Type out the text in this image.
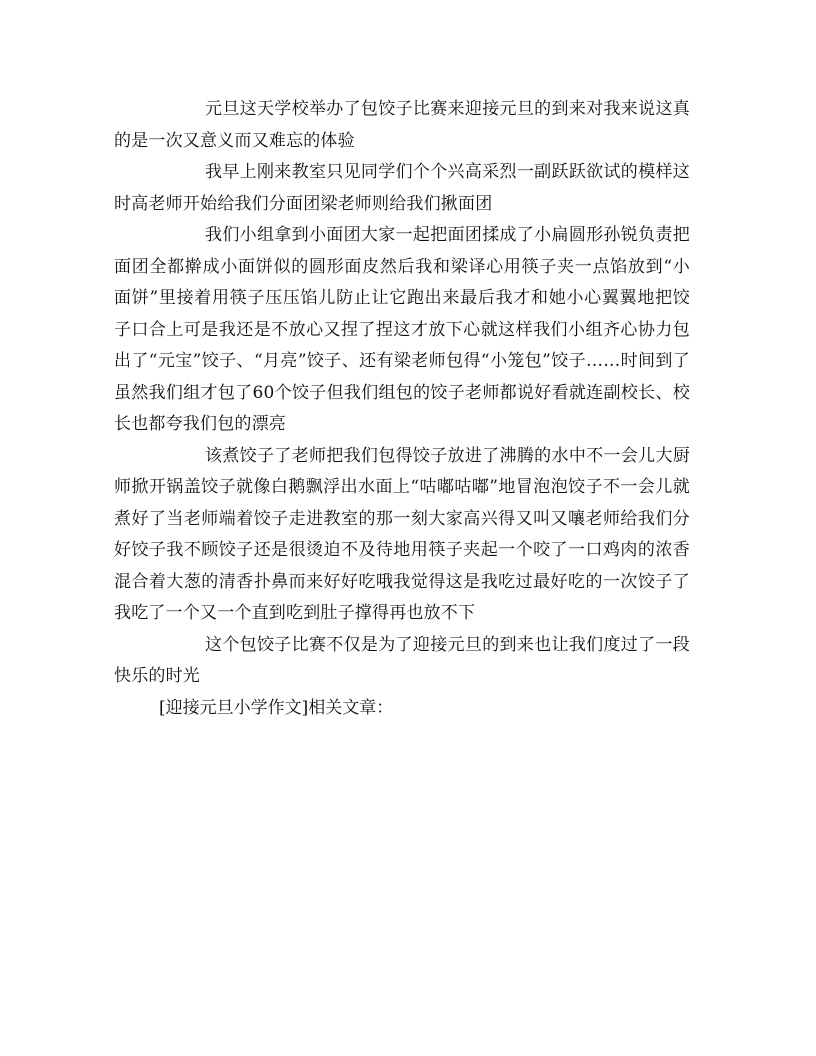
元旦这天学校举办了包饺子比赛来迎接元旦的到来对我来说这真的是一次又意义而又难忘的体验

我早上刚来教室只见同学们个个兴高采烈一副跃跃欲试的模样这时高老师开始给我们分面团梁老师则给我们揪面团

我们小组拿到小面团大家一起把面团揉成了小扁圆形孙锐负责把面团全都擀成小面饼似的圆形面皮然后我和梁译心用筷子夹一点馅放到“小面饼”里接着用筷子压压馅儿防止让它跑出来最后我才和她小心翼翼地把饺子口合上可是我还是不放心又捏了捏这才放下心就这样我们小组齐心协力包出了“元宝”饺子、“月亮”饺子、还有梁老师包得“小笼包”饺子……时间到了虽然我们组才包了60个饺子但我们组包的饺子老师都说好看就连副校长、校长也都夸我们包的漂亮

该煮饺子了老师把我们包得饺子放进了沸腾的水中不一会儿大厨师掀开锅盖饺子就像白鹅飘浮出水面上“咕嘟咕嘟”地冒泡泡饺子不一会儿就煮好了当老师端着饺子走进教室的那一刻大家高兴得又叫又嚷老师给我们分好饺子我不顾饺子还是很烫迫不及待地用筷子夹起一个咬了一口鸡肉的浓香混合着大葱的清香扑鼻而来好好吃哦我觉得这是我吃过最好吃的一次饺子了我吃了一个又一个直到吃到肚子撑得再也放不下

这个包饺子比赛不仅是为了迎接元旦的到来也让我们度过了一段快乐的时光

[迎接元旦小学作文]相关文章：
